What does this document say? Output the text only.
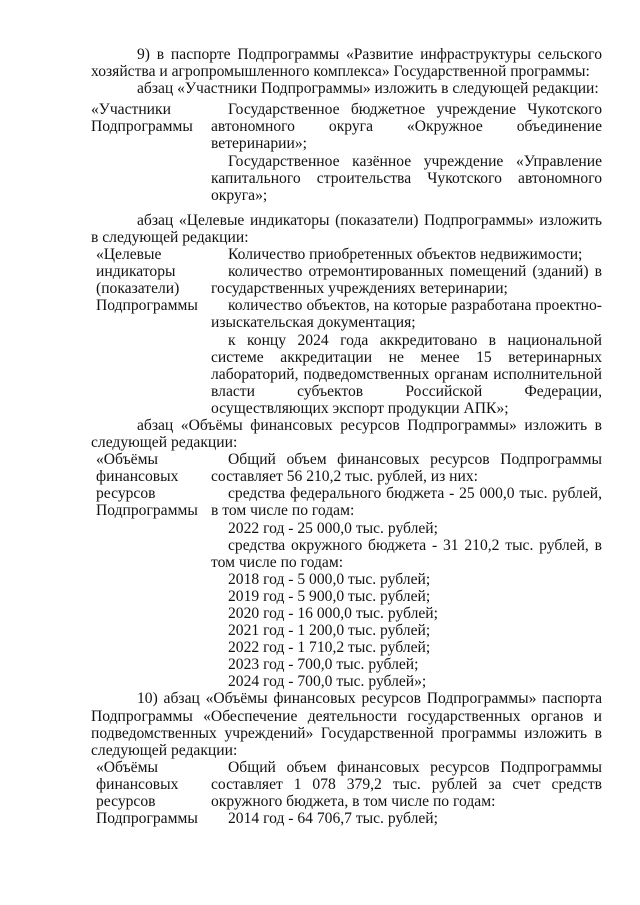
9) в паспорте Подпрограммы «Развитие инфраструктуры сельского хозяйства и агропромышленного комплекса» Государственной программы:

абзац «Участники Подпрограммы» изложить в следующей редакции:

«Участники Подпрограммы

Государственное бюджетное учреждение Чукотского автономного округа «Окружное объединение ветеринарии»;

Государственное казённое учреждение «Управление капитального строительства Чукотского автономного округа»;

абзац «Целевые индикаторы (показатели) Подпрограммы» изложить в следующей редакции:

«Целевые индикаторы (показатели) Подпрограммы

Количество приобретенных объектов недвижимости;

количество отремонтированных помещений (зданий) в государственных учреждениях ветеринарии;

количество объектов, на которые разработана проектно-изыскательская документация;

к концу 2024 года аккредитовано в национальной системе аккредитации не менее 15 ветеринарных лабораторий, подведомственных органам исполнительной власти субъектов Российской Федерации, осуществляющих экспорт продукции АПК»;

абзац «Объёмы финансовых ресурсов Подпрограммы» изложить в следующей редакции:

«Объёмы финансовых ресурсов Подпрограммы

Общий объем финансовых ресурсов Подпрограммы составляет 56 210,2 тыс. рублей, из них:

средства федерального бюджета - 25 000,0 тыс. рублей, в том числе по годам:

2022 год - 25 000,0 тыс. рублей;

средства окружного бюджета - 31 210,2 тыс. рублей, в том числе по годам:

2018 год - 5 000,0 тыс. рублей;

2019 год - 5 900,0 тыс. рублей;

2020 год - 16 000,0 тыс. рублей;

2021 год - 1 200,0 тыс. рублей;

2022 год - 1 710,2 тыс. рублей;

2023 год - 700,0 тыс. рублей;

2024 год - 700,0 тыс. рублей»;

10) абзац «Объёмы финансовых ресурсов Подпрограммы» паспорта Подпрограммы «Обеспечение деятельности государственных органов и подведомственных учреждений» Государственной программы изложить в следующей редакции:

«Объёмы финансовых ресурсов Подпрограммы

Общий объем финансовых ресурсов Подпрограммы составляет 1 078 379,2 тыс. рублей за счет средств окружного бюджета, в том числе по годам:

2014 год - 64 706,7 тыс. рублей;
